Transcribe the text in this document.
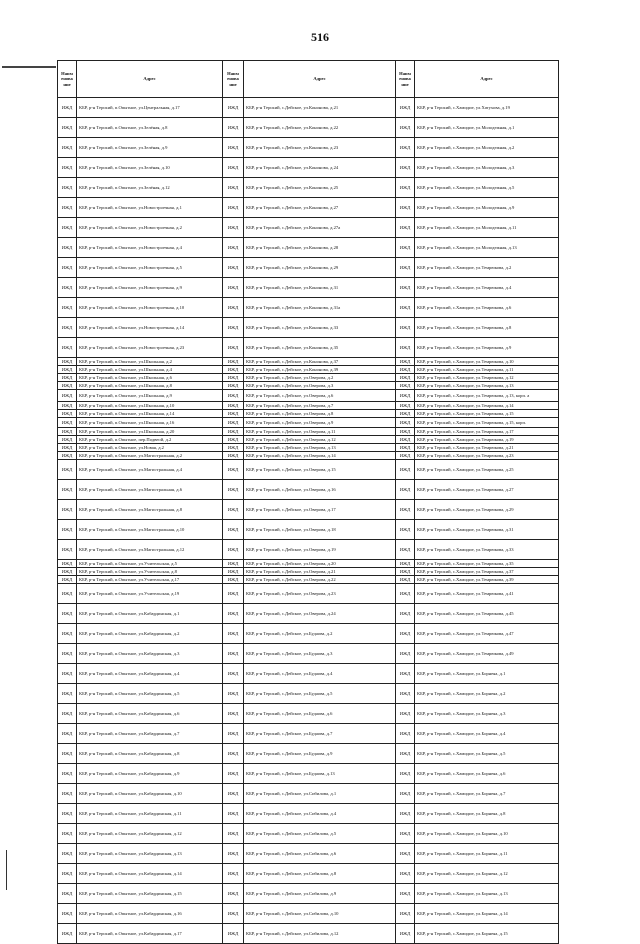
516
Наим енова ние	Адрес	Наим енова ние	Адрес	Наим енова ние	Адрес
ИЖД	КБР, р-н Терский, п.Опытное, ул.Центральная, д.17	ИЖД	КБР, р-н Терский, с.Дейское, ул.Кононова, д.21	ИЖД	КБР, р-н Терский, с.Хамидие, ул.Хатухова, д.19
ИЖД	КБР, р-н Терский, п.Опытное, ул.Зелёная, д.8	ИЖД	КБР, р-н Терский, с.Дейское, ул.Кононова, д.22	ИЖД	КБР, р-н Терский, с.Хамидие, ул.Молодежная, д.1
ИЖД	КБР, р-н Терский, п.Опытное, ул.Зелёная, д.9	ИЖД	КБР, р-н Терский, с.Дейское, ул.Кононова, д.23	ИЖД	КБР, р-н Терский, с.Хамидие, ул.Молодежная, д.2
ИЖД	КБР, р-н Терский, п.Опытное, ул.Зелёная, д.10	ИЖД	КБР, р-н Терский, с.Дейское, ул.Кононова, д.24	ИЖД	КБР, р-н Терский, с.Хамидие, ул.Молодежная, д.3
ИЖД	КБР, р-н Терский, п.Опытное, ул.Зелёная, д.12	ИЖД	КБР, р-н Терский, с.Дейское, ул.Кононова, д.25	ИЖД	КБР, р-н Терский, с.Хамидие, ул.Молодежная, д.5
ИЖД	КБР, р-н Терский, п.Опытное, ул.Новостроечная, д.1	ИЖД	КБР, р-н Терский, с.Дейское, ул.Кононова, д.27	ИЖД	КБР, р-н Терский, с.Хамидие, ул.Молодежная, д.9
ИЖД	КБР, р-н Терский, п.Опытное, ул.Новостроечная, д.2	ИЖД	КБР, р-н Терский, с.Дейское, ул.Кононова, д.27а	ИЖД	КБР, р-н Терский, с.Хамидие, ул.Молодежная, д.11
ИЖД	КБР, р-н Терский, п.Опытное, ул.Новостроечная, д.4	ИЖД	КБР, р-н Терский, с.Дейское, ул.Кононова, д.28	ИЖД	КБР, р-н Терский, с.Хамидие, ул.Молодежная, д.13
ИЖД	КБР, р-н Терский, п.Опытное, ул.Новостроечная, д.5	ИЖД	КБР, р-н Терский, с.Дейское, ул.Кононова, д.29	ИЖД	КБР, р-н Терский, с.Хамидие, ул.Темрюкова, д.2
ИЖД	КБР, р-н Терский, п.Опытное, ул.Новостроечная, д.9	ИЖД	КБР, р-н Терский, с.Дейское, ул.Кононова, д.31	ИЖД	КБР, р-н Терский, с.Хамидие, ул.Темрюкова, д.4
ИЖД	КБР, р-н Терский, п.Опытное, ул.Новостроечная, д.10	ИЖД	КБР, р-н Терский, с.Дейское, ул.Кононова, д.31а	ИЖД	КБР, р-н Терский, с.Хамидие, ул.Темрюкова, д.6
ИЖД	КБР, р-н Терский, п.Опытное, ул.Новостроечная, д.14	ИЖД	КБР, р-н Терский, с.Дейское, ул.Кононова, д.33	ИЖД	КБР, р-н Терский, с.Хамидие, ул.Темрюкова, д.8
ИЖД	КБР, р-н Терский, п.Опытное, ул.Новостроечная, д.23	ИЖД	КБР, р-н Терский, с.Дейское, ул.Кононова, д.35	ИЖД	КБР, р-н Терский, с.Хамидие, ул.Темрюкова, д.9
ИЖД	КБР, р-н Терский, п.Опытное, ул.Школьная, д.2	ИЖД	КБР, р-н Терский, с.Дейское, ул.Кононова, д.37	ИЖД	КБР, р-н Терский, с.Хамидие, ул.Темрюкова, д.10
ИЖД	КБР, р-н Терский, п.Опытное, ул.Школьная, д.4	ИЖД	КБР, р-н Терский, с.Дейское, ул.Кононова, д.39	ИЖД	КБР, р-н Терский, с.Хамидие, ул.Темрюкова, д.11
ИЖД	КБР, р-н Терский, п.Опытное, ул.Школьная, д.6	ИЖД	КБР, р-н Терский, с.Дейское, ул.Оверова, д.2	ИЖД	КБР, р-н Терский, с.Хамидие, ул.Темрюкова, д.12
ИЖД	КБР, р-н Терский, п.Опытное, ул.Школьная, д.8	ИЖД	КБР, р-н Терский, с.Дейское, ул.Оверова, д.3	ИЖД	КБР, р-н Терский, с.Хамидие, ул.Темрюкова, д.13
ИЖД	КБР, р-н Терский, п.Опытное, ул.Школьная, д.9	ИЖД	КБР, р-н Терский, с.Дейское, ул.Оверова, д.6	ИЖД	КБР, р-н Терский, с.Хамидие, ул.Темрюкова, д.13, корп. а
ИЖД	КБР, р-н Терский, п.Опытное, ул.Школьная, д.10	ИЖД	КБР, р-н Терский, с.Дейское, ул.Оверова, д.7	ИЖД	КБР, р-н Терский, с.Хамидие, ул.Темрюкова, д.14
ИЖД	КБР, р-н Терский, п.Опытное, ул.Школьная, д.14	ИЖД	КБР, р-н Терский, с.Дейское, ул.Оверова, д.8	ИЖД	КБР, р-н Терский, с.Хамидие, ул.Темрюкова, д.15
ИЖД	КБР, р-н Терский, п.Опытное, ул.Школьная, д.16	ИЖД	КБР, р-н Терский, с.Дейское, ул.Оверова, д.9	ИЖД	КБР, р-н Терский, с.Хамидие, ул.Темрюкова, д.15, корп.
ИЖД	КБР, р-н Терский, п.Опытное, ул.Школьная, д.20	ИЖД	КБР, р-н Терский, с.Дейское, ул.Оверова, д.11	ИЖД	КБР, р-н Терский, с.Хамидие, ул.Темрюкова, д.17
ИЖД	КБР, р-н Терский, п.Опытное, пер.Подвеой, д.2	ИЖД	КБР, р-н Терский, с.Дейское, ул.Оверова, д.12	ИЖД	КБР, р-н Терский, с.Хамидие, ул.Темрюкова, д.19
ИЖД	КБР, р-н Терский, п.Опытное, ул.Новая, д.2	ИЖД	КБР, р-н Терский, с.Дейское, ул.Оверова, д.13	ИЖД	КБР, р-н Терский, с.Хамидие, ул.Темрюкова, д.21
ИЖД	КБР, р-н Терский, п.Опытное, ул.Магистральная, д.2	ИЖД	КБР, р-н Терский, с.Дейское, ул.Оверова, д.14	ИЖД	КБР, р-н Терский, с.Хамидие, ул.Темрюкова, д.23
ИЖД	КБР, р-н Терский, п.Опытное, ул.Магистральная, д.4	ИЖД	КБР, р-н Терский, с.Дейское, ул.Оверова, д.15	ИЖД	КБР, р-н Терский, с.Хамидие, ул.Темрюкова, д.25
ИЖД	КБР, р-н Терский, п.Опытное, ул.Магистральная, д.6	ИЖД	КБР, р-н Терский, с.Дейское, ул.Оверова, д.16	ИЖД	КБР, р-н Терский, с.Хамидие, ул.Темрюкова, д.27
ИЖД	КБР, р-н Терский, п.Опытное, ул.Магистральная, д.8	ИЖД	КБР, р-н Терский, с.Дейское, ул.Оверова, д.17	ИЖД	КБР, р-н Терский, с.Хамидие, ул.Темрюкова, д.29
ИЖД	КБР, р-н Терский, п.Опытное, ул.Магистральная, д.10	ИЖД	КБР, р-н Терский, с.Дейское, ул.Оверова, д.18	ИЖД	КБР, р-н Терский, с.Хамидие, ул.Темрюкова, д.31
ИЖД	КБР, р-н Терский, п.Опытное, ул.Магистральная, д.12	ИЖД	КБР, р-н Терский, с.Дейское, ул.Оверова, д.19	ИЖД	КБР, р-н Терский, с.Хамидие, ул.Темрюкова, д.33
ИЖД	КБР, р-н Терский, п.Опытное, ул.Учительская, д.5	ИЖД	КБР, р-н Терский, с.Дейское, ул.Оверова, д.20	ИЖД	КБР, р-н Терский, с.Хамидие, ул.Темрюкова, д.35
ИЖД	КБР, р-н Терский, п.Опытное, ул.Учительская, д.8	ИЖД	КБР, р-н Терский, с.Дейское, ул.Оверова, д.21	ИЖД	КБР, р-н Терский, с.Хамидие, ул.Темрюкова, д.37
ИЖД	КБР, р-н Терский, п.Опытное, ул.Учительская, д.17	ИЖД	КБР, р-н Терский, с.Дейское, ул.Оверова, д.22	ИЖД	КБР, р-н Терский, с.Хамидие, ул.Темрюкова, д.39
ИЖД	КБР, р-н Терский, п.Опытное, ул.Учительская, д.19	ИЖД	КБР, р-н Терский, с.Дейское, ул.Оверова, д.23	ИЖД	КБР, р-н Терский, с.Хамидие, ул.Темрюкова, д.41
ИЖД	КБР, р-н Терский, п.Опытное, ул.Кабардинская, д.1	ИЖД	КБР, р-н Терский, с.Дейское, ул.Оверова, д.24	ИЖД	КБР, р-н Терский, с.Хамидие, ул.Темрюкова, д.45
ИЖД	КБР, р-н Терский, п.Опытное, ул.Кабардинская, д.2	ИЖД	КБР, р-н Терский, с.Дейское, ул.Будаова, д.2	ИЖД	КБР, р-н Терский, с.Хамидие, ул.Темрюкова, д.47
ИЖД	КБР, р-н Терский, п.Опытное, ул.Кабардинская, д.3	ИЖД	КБР, р-н Терский, с.Дейское, ул.Будаова, д.3	ИЖД	КБР, р-н Терский, с.Хамидие, ул.Темрюкова, д.49
ИЖД	КБР, р-н Терский, п.Опытное, ул.Кабардинская, д.4	ИЖД	КБР, р-н Терский, с.Дейское, ул.Будаова, д.4	ИЖД	КБР, р-н Терский, с.Хамидие, ул.Борнеяа, д.1
ИЖД	КБР, р-н Терский, п.Опытное, ул.Кабардинская, д.5	ИЖД	КБР, р-н Терский, с.Дейское, ул.Будаова, д.5	ИЖД	КБР, р-н Терский, с.Хамидие, ул.Борнеяа, д.2
ИЖД	КБР, р-н Терский, п.Опытное, ул.Кабардинская, д.6	ИЖД	КБР, р-н Терский, с.Дейское, ул.Будаова, д.6	ИЖД	КБР, р-н Терский, с.Хамидие, ул.Борнеяа, д.3
ИЖД	КБР, р-н Терский, п.Опытное, ул.Кабардинская, д.7	ИЖД	КБР, р-н Терский, с.Дейское, ул.Будаова, д.7	ИЖД	КБР, р-н Терский, с.Хамидие, ул.Борнеяа, д.4
ИЖД	КБР, р-н Терский, п.Опытное, ул.Кабардинская, д.8	ИЖД	КБР, р-н Терский, с.Дейское, ул.Будаова, д.9	ИЖД	КБР, р-н Терский, с.Хамидие, ул.Борнеяа, д.5
ИЖД	КБР, р-н Терский, п.Опытное, ул.Кабардинская, д.9	ИЖД	КБР, р-н Терский, с.Дейское, ул.Будаова, д.13	ИЖД	КБР, р-н Терский, с.Хамидие, ул.Борнеяа, д.6
ИЖД	КБР, р-н Терский, п.Опытное, ул.Кабардинская, д.10	ИЖД	КБР, р-н Терский, с.Дейское, ул.Сибилова, д.1	ИЖД	КБР, р-н Терский, с.Хамидие, ул.Борнеяа, д.7
ИЖД	КБР, р-н Терский, п.Опытное, ул.Кабардинская, д.11	ИЖД	КБР, р-н Терский, с.Дейское, ул.Сибилова, д.4	ИЖД	КБР, р-н Терский, с.Хамидие, ул.Борнеяа, д.8
ИЖД	КБР, р-н Терский, п.Опытное, ул.Кабардинская, д.12	ИЖД	КБР, р-н Терский, с.Дейское, ул.Сибилова, д.5	ИЖД	КБР, р-н Терский, с.Хамидие, ул.Борнеяа, д.10
ИЖД	КБР, р-н Терский, п.Опытное, ул.Кабардинская, д.13	ИЖД	КБР, р-н Терский, с.Дейское, ул.Сибилова, д.6	ИЖД	КБР, р-н Терский, с.Хамидие, ул.Борнеяа, д.11
ИЖД	КБР, р-н Терский, п.Опытное, ул.Кабардинская, д.14	ИЖД	КБР, р-н Терский, с.Дейское, ул.Сибилова, д.8	ИЖД	КБР, р-н Терский, с.Хамидие, ул.Борнеяа, д.12
ИЖД	КБР, р-н Терский, п.Опытное, ул.Кабардинская, д.15	ИЖД	КБР, р-н Терский, с.Дейское, ул.Сибилова, д.9	ИЖД	КБР, р-н Терский, с.Хамидие, ул.Борнеяа, д.13
ИЖД	КБР, р-н Терский, п.Опытное, ул.Кабардинская, д.16	ИЖД	КБР, р-н Терский, с.Дейское, ул.Сибилова, д.10	ИЖД	КБР, р-н Терский, с.Хамидие, ул.Борнеяа, д.14
ИЖД	КБР, р-н Терский, п.Опытное, ул.Кабардинская, д.17	ИЖД	КБР, р-н Терский, с.Дейское, ул.Сибилова, д.12	ИЖД	КБР, р-н Терский, с.Хамидие, ул.Борнеяа, д.15
